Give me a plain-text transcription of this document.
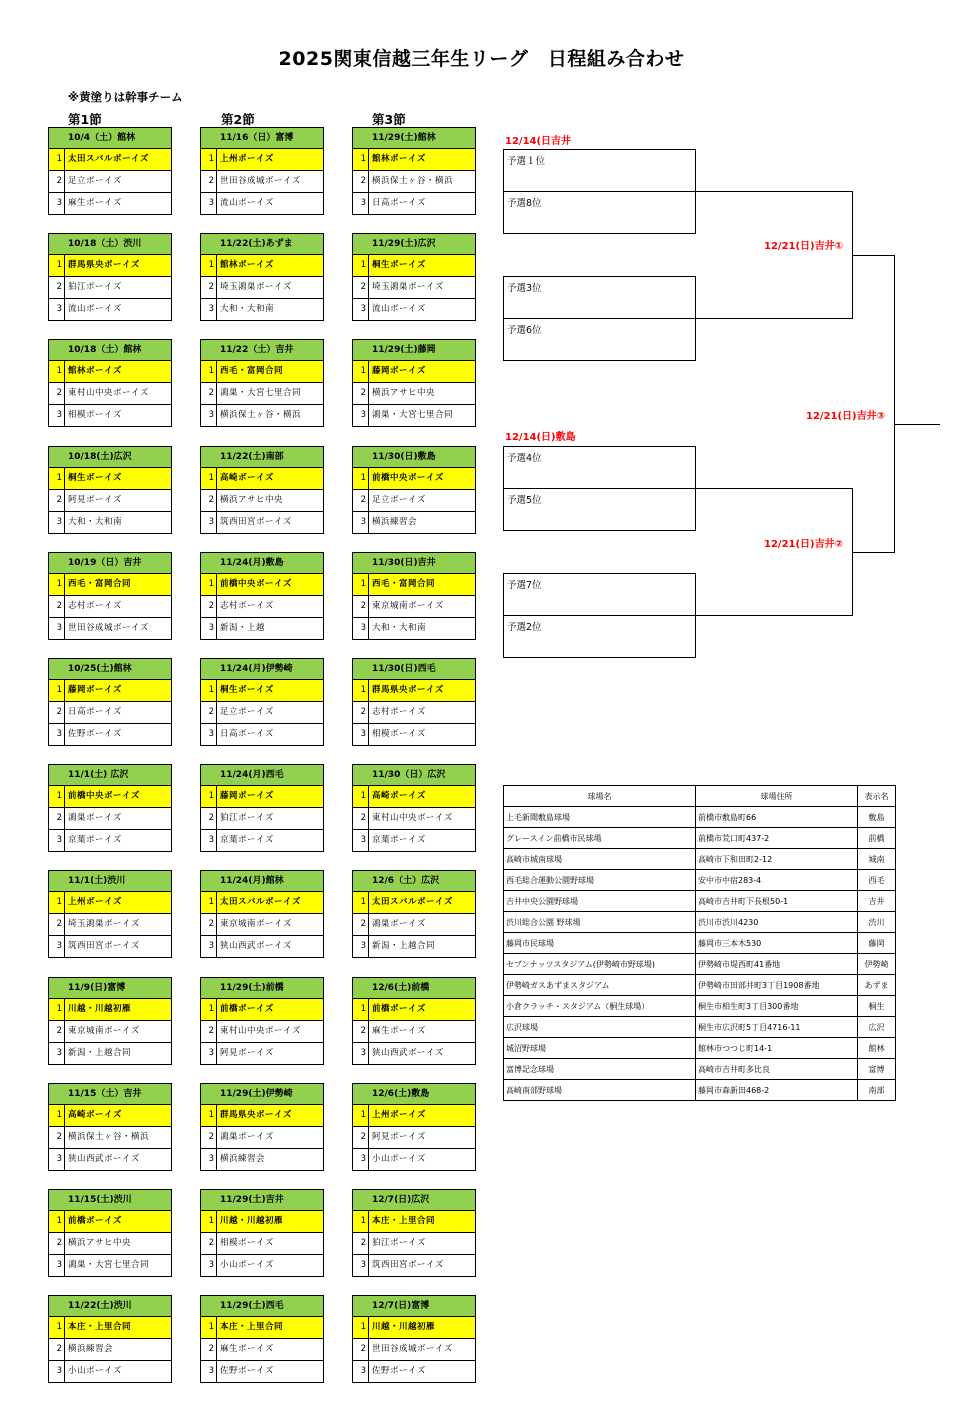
2025関東信越三年生リーグ　日程組み合わせ
※黄塗りは幹事チーム
第1節	第2節	第3節
10/4（土）館林
1 太田スバルボーイズ
2 足立ボーイズ
3 麻生ボーイズ
10/18（土）渋川
1 群馬県央ボーイズ
2 狛江ボーイズ
3 流山ボーイズ
10/18（土）館林
1 館林ボーイズ
2 東村山中央ボーイズ
3 相模ボーイズ
10/18(土)広沢
1 桐生ボーイズ
2 阿見ボーイズ
3 大和・大和南
10/19（日）吉井
1 西毛・富岡合同
2 志村ボーイズ
3 世田谷成城ボーイズ
10/25(土)館林
1 藤岡ボーイズ
2 日高ボーイズ
3 佐野ボーイズ
11/1(土) 広沢
1 前橋中央ボーイズ
2 鴻巣ボーイズ
3 京葉ボーイズ
11/1(土)渋川
1 上州ボーイズ
2 埼玉鴻巣ボーイズ
3 筑西田宮ボーイズ
11/9(日)富博
1 川越・川越初雁
2 東京城南ボーイズ
3 新潟・上越合同
11/15（土）吉井
1 高崎ボーイズ
2 横浜保土ヶ谷・横浜
3 狭山西武ボーイズ
11/15(土)渋川
1 前橋ボーイズ
2 横浜アサヒ中央
3 鴻巣・大宮七里合同
11/22(土)渋川
1 本庄・上里合同
2 横浜練習会
3 小山ボーイズ
11/16（日）富博
1 上州ボーイズ
2 世田谷成城ボーイズ
3 流山ボーイズ
11/22(土)あずま
1 館林ボーイズ
2 埼玉鴻巣ボーイズ
3 大和・大和南
11/22（土）吉井
1 西毛・富岡合同
2 鴻巣・大宮七里合同
3 横浜保土ヶ谷・横浜
11/22(土)南部
1 高崎ボーイズ
2 横浜アサヒ中央
3 筑西田宮ボーイズ
11/24(月)敷島
1 前橋中央ボーイズ
2 志村ボーイズ
3 新潟・上越
11/24(月)伊勢崎
1 桐生ボーイズ
2 足立ボーイズ
3 日高ボーイズ
11/24(月)西毛
1 藤岡ボーイズ
2 狛江ボーイズ
3 京葉ボーイズ
11/24(月)館林
1 太田スバルボーイズ
2 東京城南ボーイズ
3 狭山西武ボーイズ
11/29(土)前橋
1 前橋ボーイズ
2 東村山中央ボーイズ
3 阿見ボーイズ
11/29(土)伊勢崎
1 群馬県央ボーイズ
2 鴻巣ボーイズ
3 横浜練習会
11/29(土)吉井
1 川越・川越初雁
2 相模ボーイズ
3 小山ボーイズ
11/29(土)西毛
1 本庄・上里合同
2 麻生ボーイズ
3 佐野ボーイズ
11/29(土)館林
1 館林ボーイズ
2 横浜保土ヶ谷・横浜
3 日高ボーイズ
11/29(土)広沢
1 桐生ボーイズ
2 埼玉鴻巣ボーイズ
3 流山ボーイズ
11/29(土)藤岡
1 藤岡ボーイズ
2 横浜アサヒ中央
3 鴻巣・大宮七里合同
11/30(日)敷島
1 前橋中央ボーイズ
2 足立ボーイズ
3 横浜練習会
11/30(日)吉井
1 西毛・富岡合同
2 東京城南ボーイズ
3 大和・大和南
11/30(日)西毛
1 群馬県央ボーイズ
2 志村ボーイズ
3 相模ボーイズ
11/30（日）広沢
1 高崎ボーイズ
2 東村山中央ボーイズ
3 京葉ボーイズ
12/6（土）広沢
1 太田スバルボーイズ
2 鴻巣ボーイズ
3 新潟・上越合同
12/6(土)前橋
1 前橋ボーイズ
2 麻生ボーイズ
3 狭山西武ボーイズ
12/6(土)敷島
1 上州ボーイズ
2 阿見ボーイズ
3 小山ボーイズ
12/7(日)広沢
1 本庄・上里合同
2 狛江ボーイズ
3 筑西田宮ボーイズ
12/7(日)富博
1 川越・川越初雁
2 世田谷成城ボーイズ
3 佐野ボーイズ
12/14(日吉井
12/14(日)敷島
12/21(日)吉井①
12/21(日)吉井②
12/21(日)吉井③
予選１位
予選8位
予選3位
予選6位
予選4位
予選5位
予選7位
予選2位
球場名	球場住所	表示名
上毛新聞敷島球場	前橋市敷島町66	敷島
グレースイン前橋市民球場	前橋市荒口町437-2	前橋
高崎市城南球場	高崎市下和田町2-12	城南
西毛総合運動公園野球場	安中市中宿283-4	西毛
吉井中央公園野球場	高崎市吉井町下長根50-1	吉井
渋川総合公園 野球場	渋川市渋川4230	渋川
藤岡市民球場	藤岡市三本木530	藤岡
セブンナッツスタジアム(伊勢崎市野球場)	伊勢崎市堤西町41番地	伊勢崎
伊勢崎ガスあずまスタジアム	伊勢崎市田部井町3丁目1908番地	あずま
小倉クラッチ・スタジアム（桐生球場）	桐生市相生町3丁目300番地	桐生
広沢球場	桐生市広沢町5丁目4716-11	広沢
城沼野球場	館林市つつじ町14-1	館林
富博記念球場	高崎市吉井町多比良	富博
高崎南部野球場	藤岡市森新田468-2	南部
